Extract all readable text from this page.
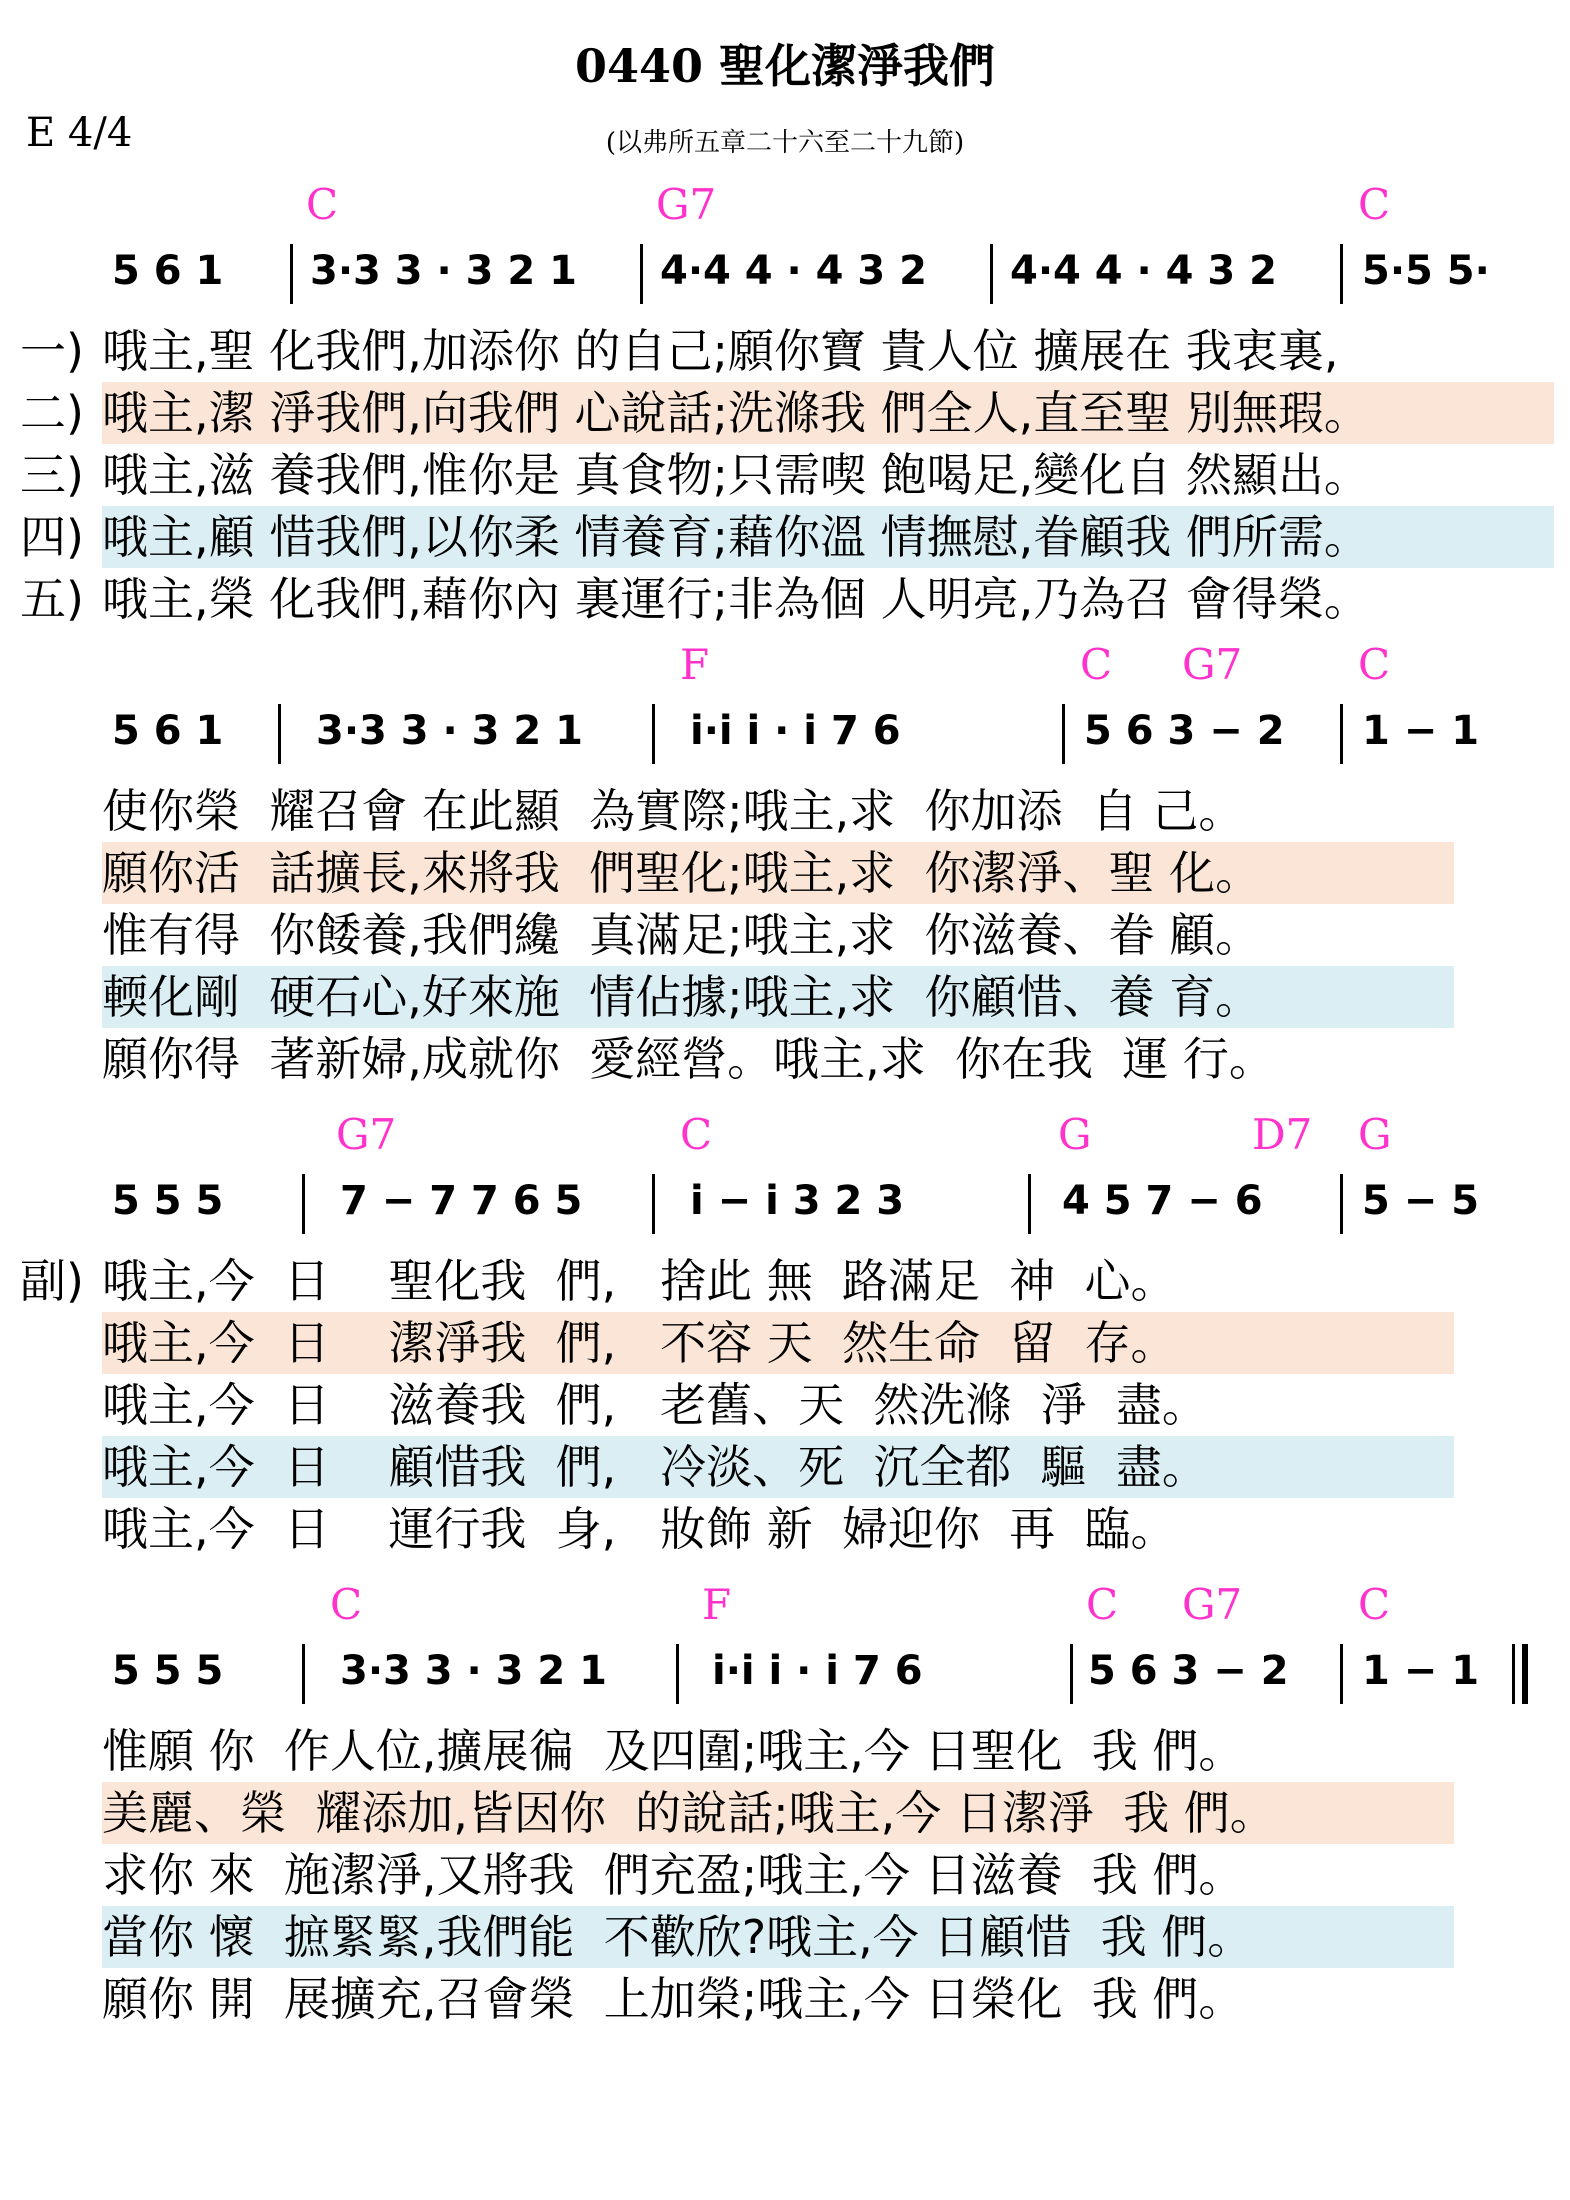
0440 聖化潔淨我們
E 4/4	(以弗所五章二十六至二十九節)
C	G7	C
5 6 1 3·3 3 · 3 2 1 4·4 4 · 4 3 2 4·4 4 · 4 3 2 5·5 5·
一)
二)
三)
四)
五)
哦主,聖 化我們,加添你 的自己;願你寶 貴人位 擴展在 我衷裏,
哦主,潔 淨我們,向我們 心說話;洗滌我 們全人,直至聖 別無瑕。
哦主,滋 養我們,惟你是 真食物;只需喫 飽喝足,變化自 然顯出。
哦主,顧 惜我們,以你柔 情養育;藉你溫 情撫慰,眷顧我 們所需。
哦主,榮 化我們,藉你內 裏運行;非為個 人明亮,乃為召 會得榮。
F	C G7	C
5 6 1 3·3 3 · 3 2 1	i·i i · i 7 6	5 6 3 − 2 1 − 1
使你榮  耀召會 在此顯  為實際;哦主,求  你加添  自 己。
願你活  話擴長,來將我  們聖化;哦主,求  你潔淨、聖 化。
惟有得  你餧養,我們纔  真滿足;哦主,求  你滋養、眷 顧。
輭化剛  硬石心,好來施  情佔據;哦主,求  你顧惜、養 育。
願你得  著新婦,成就你  愛經營。哦主,求  你在我  運 行。
G7	C	G	D7 G
5 5 5	7 − 7 7 6 5	i − i 3 2 3	4 5 7 − 6 5 − 5
副) 哦主,今  日    聖化我  們,   捨此 無  路滿足  神  心。
哦主,今  日    潔淨我  們,   不容 天  然生命  留  存。
哦主,今  日    滋養我  們,   老舊、天  然洗滌  淨  盡。
哦主,今  日    顧惜我  們,   冷淡、死  沉全都  驅  盡。
哦主,今  日    運行我  身,   妝飾 新  婦迎你  再  臨。
C	F	C G7	C
5 5 5	3·3 3 · 3 2 1	i·i i · i 7 6	5 6 3 − 2 1 − 1
惟願 你  作人位,擴展徧  及四圍;哦主,今 日聖化  我 們。
美麗、榮  耀添加,皆因你  的說話;哦主,今 日潔淨  我 們。
求你 來  施潔淨,又將我  們充盈;哦主,今 日滋養  我 們。
當你 懷  摭緊緊,我們能  不歡欣?哦主,今 日顧惜  我 們。
願你 開  展擴充,召會榮  上加榮;哦主,今 日榮化  我 們。
